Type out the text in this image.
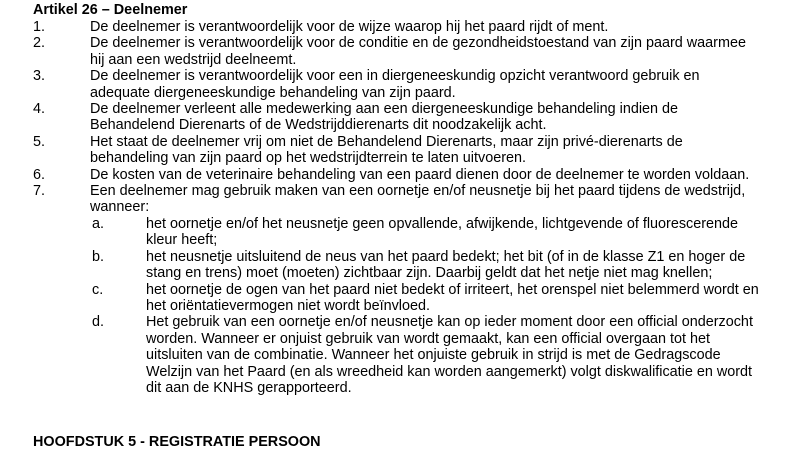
Artikel 26 – Deelnemer
1.	De deelnemer is verantwoordelijk voor de wijze waarop hij het paard rijdt of ment.
2.	De deelnemer is verantwoordelijk voor de conditie en de gezondheidstoestand van zijn paard waarmee hij aan een wedstrijd deelneemt.
3.	De deelnemer is verantwoordelijk voor een in diergeneeskundig opzicht verantwoord gebruik en adequate diergeneeskundige behandeling van zijn paard.
4.	De deelnemer verleent alle medewerking aan een diergeneeskundige behandeling indien de Behandelend Dierenarts of de Wedstrijddierenarts dit noodzakelijk acht.
5.	Het staat de deelnemer vrij om niet de Behandelend Dierenarts, maar zijn privé-dierenarts de behandeling van zijn paard op het wedstrijdterrein te laten uitvoeren.
6.	De kosten van de veterinaire behandeling van een paard dienen door de deelnemer te worden voldaan.
7.	Een deelnemer mag gebruik maken van een oornetje en/of neusnetje bij het paard tijdens de wedstrijd, wanneer:
a.	het oornetje en/of het neusnetje geen opvallende, afwijkende, lichtgevende of fluorescerende kleur heeft;
b.	het neusnetje uitsluitend de neus van het paard bedekt; het bit (of in de klasse Z1 en hoger de stang en trens) moet (moeten) zichtbaar zijn. Daarbij geldt dat het netje niet mag knellen;
c.	het oornetje de ogen van het paard niet bedekt of irriteert, het orenspel niet belemmerd wordt en het oriëntatievermogen niet wordt beïnvloed.
d.	Het gebruik van een oornetje en/of neusnetje kan op ieder moment door een official onderzocht worden. Wanneer er onjuist gebruik van wordt gemaakt, kan een official overgaan tot het uitsluiten van de combinatie. Wanneer het onjuiste gebruik in strijd is met de Gedragscode Welzijn van het Paard (en als wreedheid kan worden aangemerkt) volgt diskwalificatie en wordt dit aan de KNHS gerapporteerd.
HOOFDSTUK 5 - REGISTRATIE PERSOON
